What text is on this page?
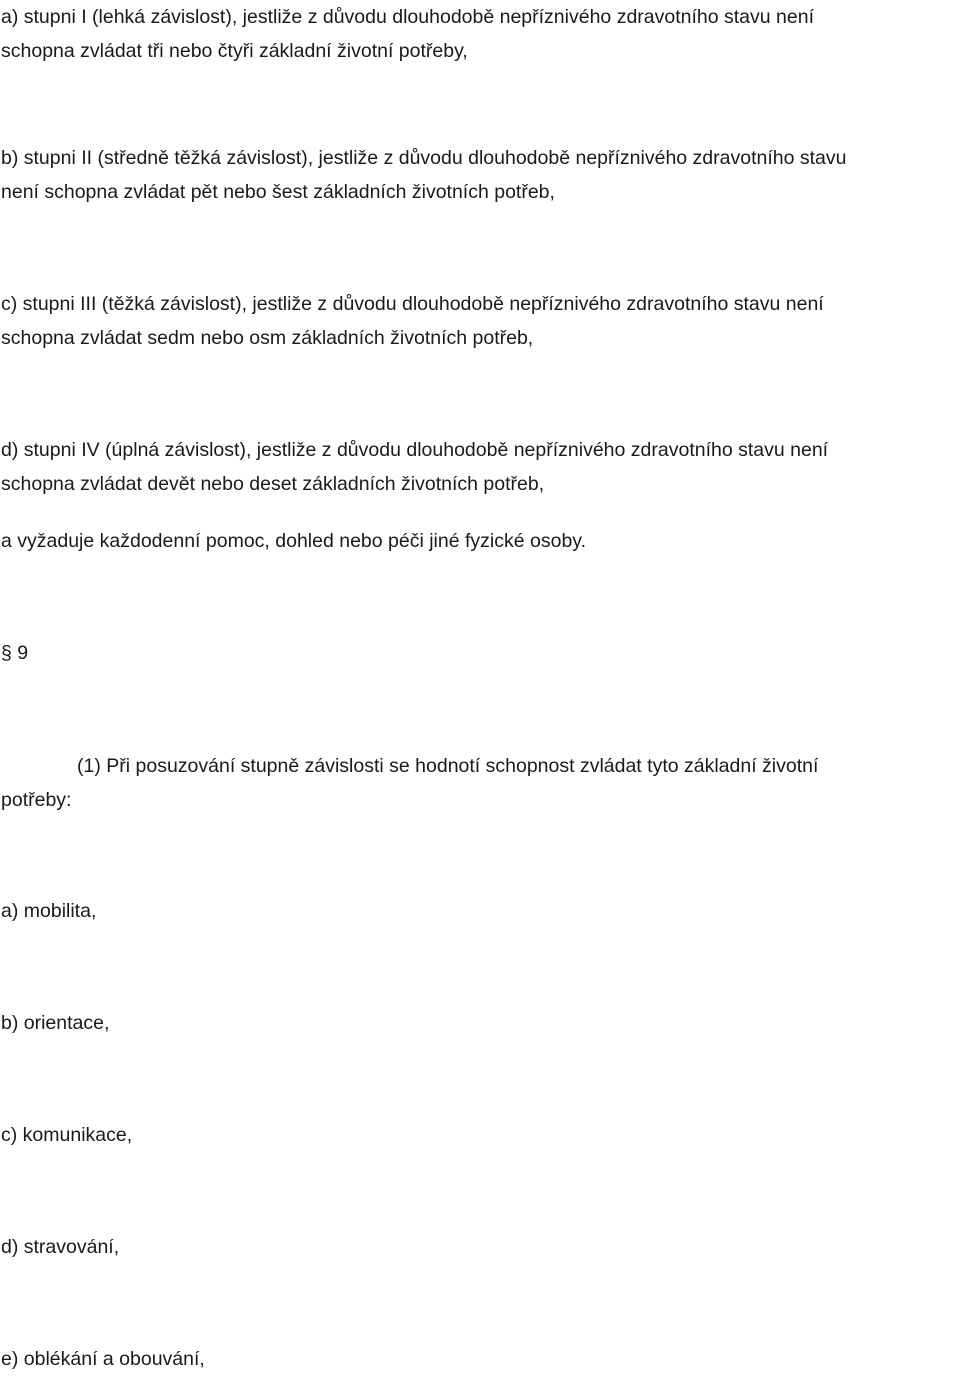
a) stupni I (lehká závislost), jestliže z důvodu dlouhodobě nepříznivého zdravotního stavu není
schopna zvládat tři nebo čtyři základní životní potřeby,

b) stupni II (středně těžká závislost), jestliže z důvodu dlouhodobě nepříznivého zdravotního stavu
není schopna zvládat pět nebo šest základních životních potřeb,

c) stupni III (těžká závislost), jestliže z důvodu dlouhodobě nepříznivého zdravotního stavu není
schopna zvládat sedm nebo osm základních životních potřeb,

d) stupni IV (úplná závislost), jestliže z důvodu dlouhodobě nepříznivého zdravotního stavu není
schopna zvládat devět nebo deset základních životních potřeb,

a vyžaduje každodenní pomoc, dohled nebo péči jiné fyzické osoby.

§ 9

(1) Při posuzování stupně závislosti se hodnotí schopnost zvládat tyto základní životní
potřeby:

a) mobilita,

b) orientace,

c) komunikace,

d) stravování,

e) oblékání a obouvání,
